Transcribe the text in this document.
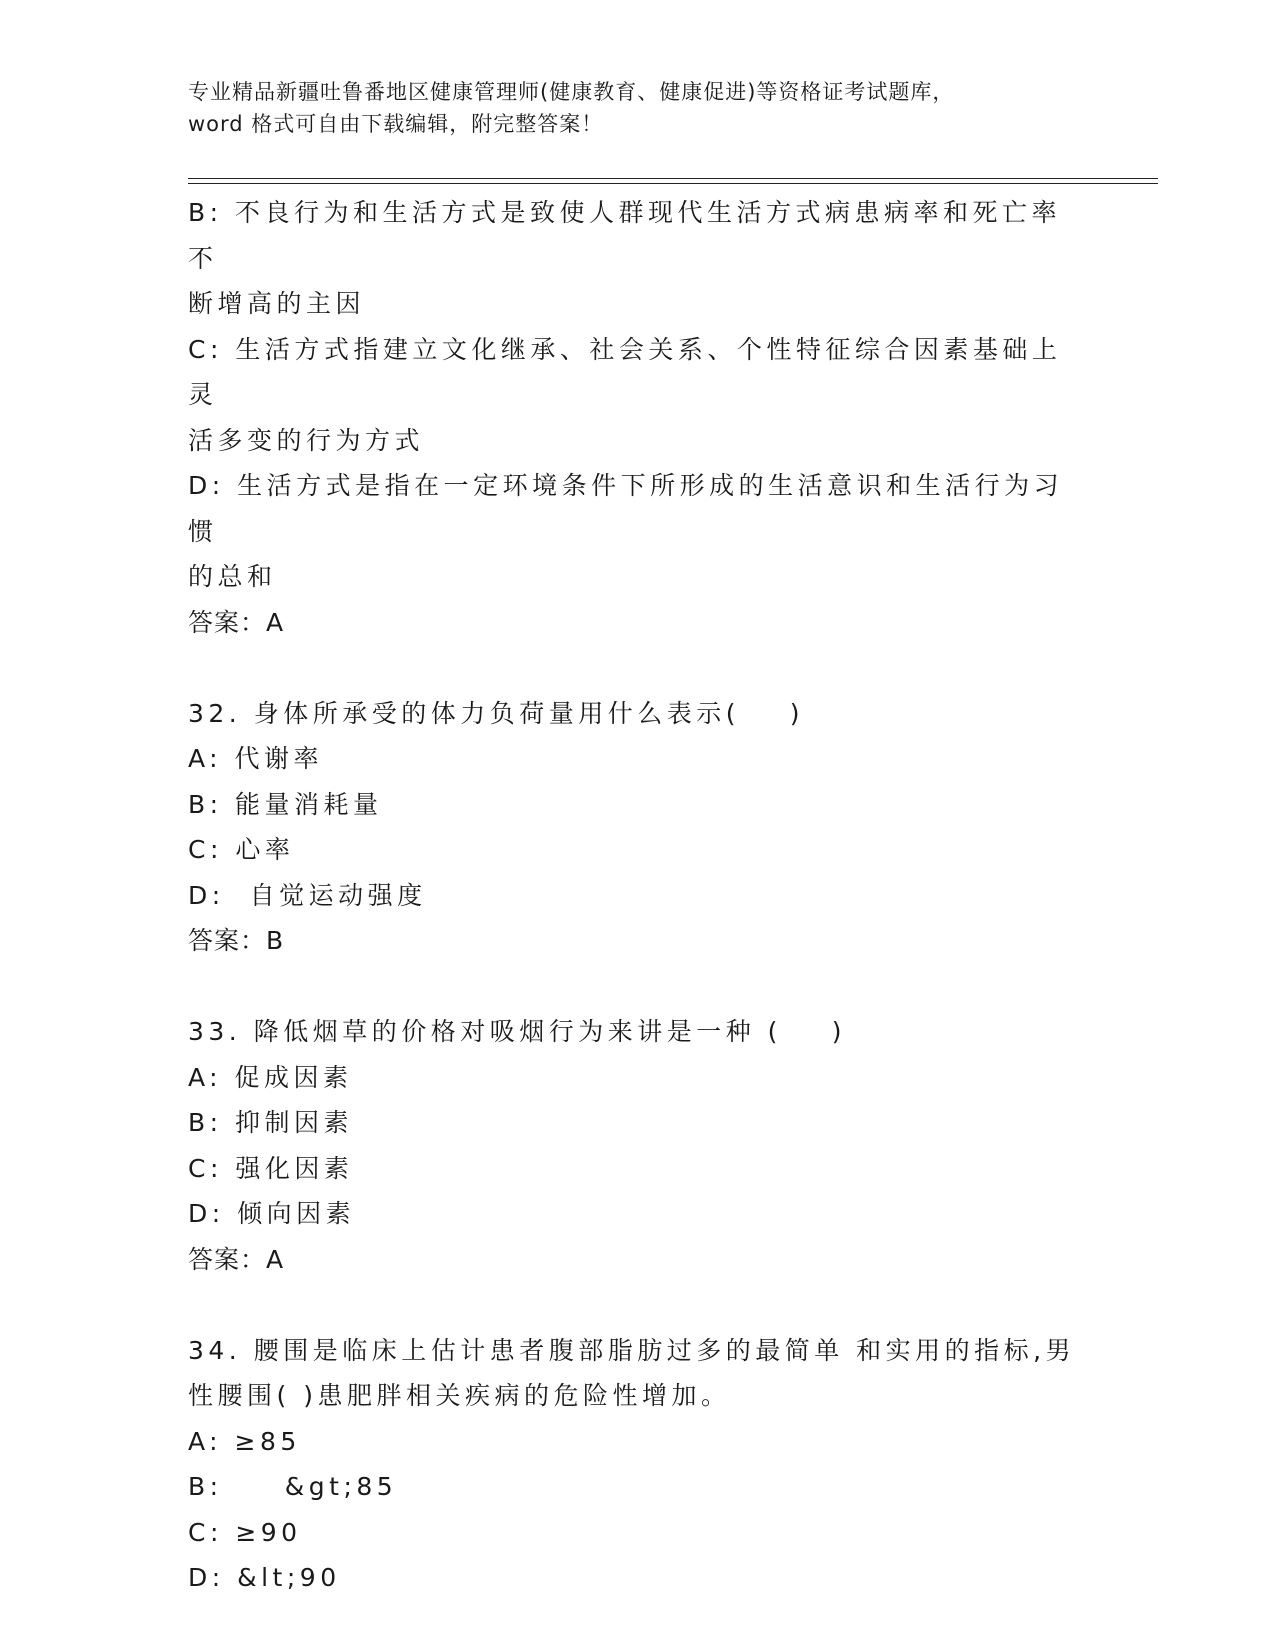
专业精品新疆吐鲁番地区健康管理师(健康教育、健康促进)等资格证考试题库，
word 格式可自由下载编辑，附完整答案！
B: 不良行为和生活方式是致使人群现代生活方式病患病率和死亡率不
断增高的主因
C: 生活方式指建立文化继承、社会关系、个性特征综合因素基础上灵
活多变的行为方式
D: 生活方式是指在一定环境条件下所形成的生活意识和生活行为习惯
的总和
答案：A
32. 身体所承受的体力负荷量用什么表示(    )
A: 代谢率
B: 能量消耗量
C: 心率
D:  自觉运动强度
答案：B
33. 降低烟草的价格对吸烟行为来讲是一种 (    )
A: 促成因素
B: 抑制因素
C: 强化因素
D: 倾向因素
答案：A
34. 腰围是临床上估计患者腹部脂肪过多的最简单 和实用的指标,男
性腰围( )患肥胖相关疾病的危险性增加。
A: ≥85
B:     &gt;85
C: ≥90
D: &lt;90
